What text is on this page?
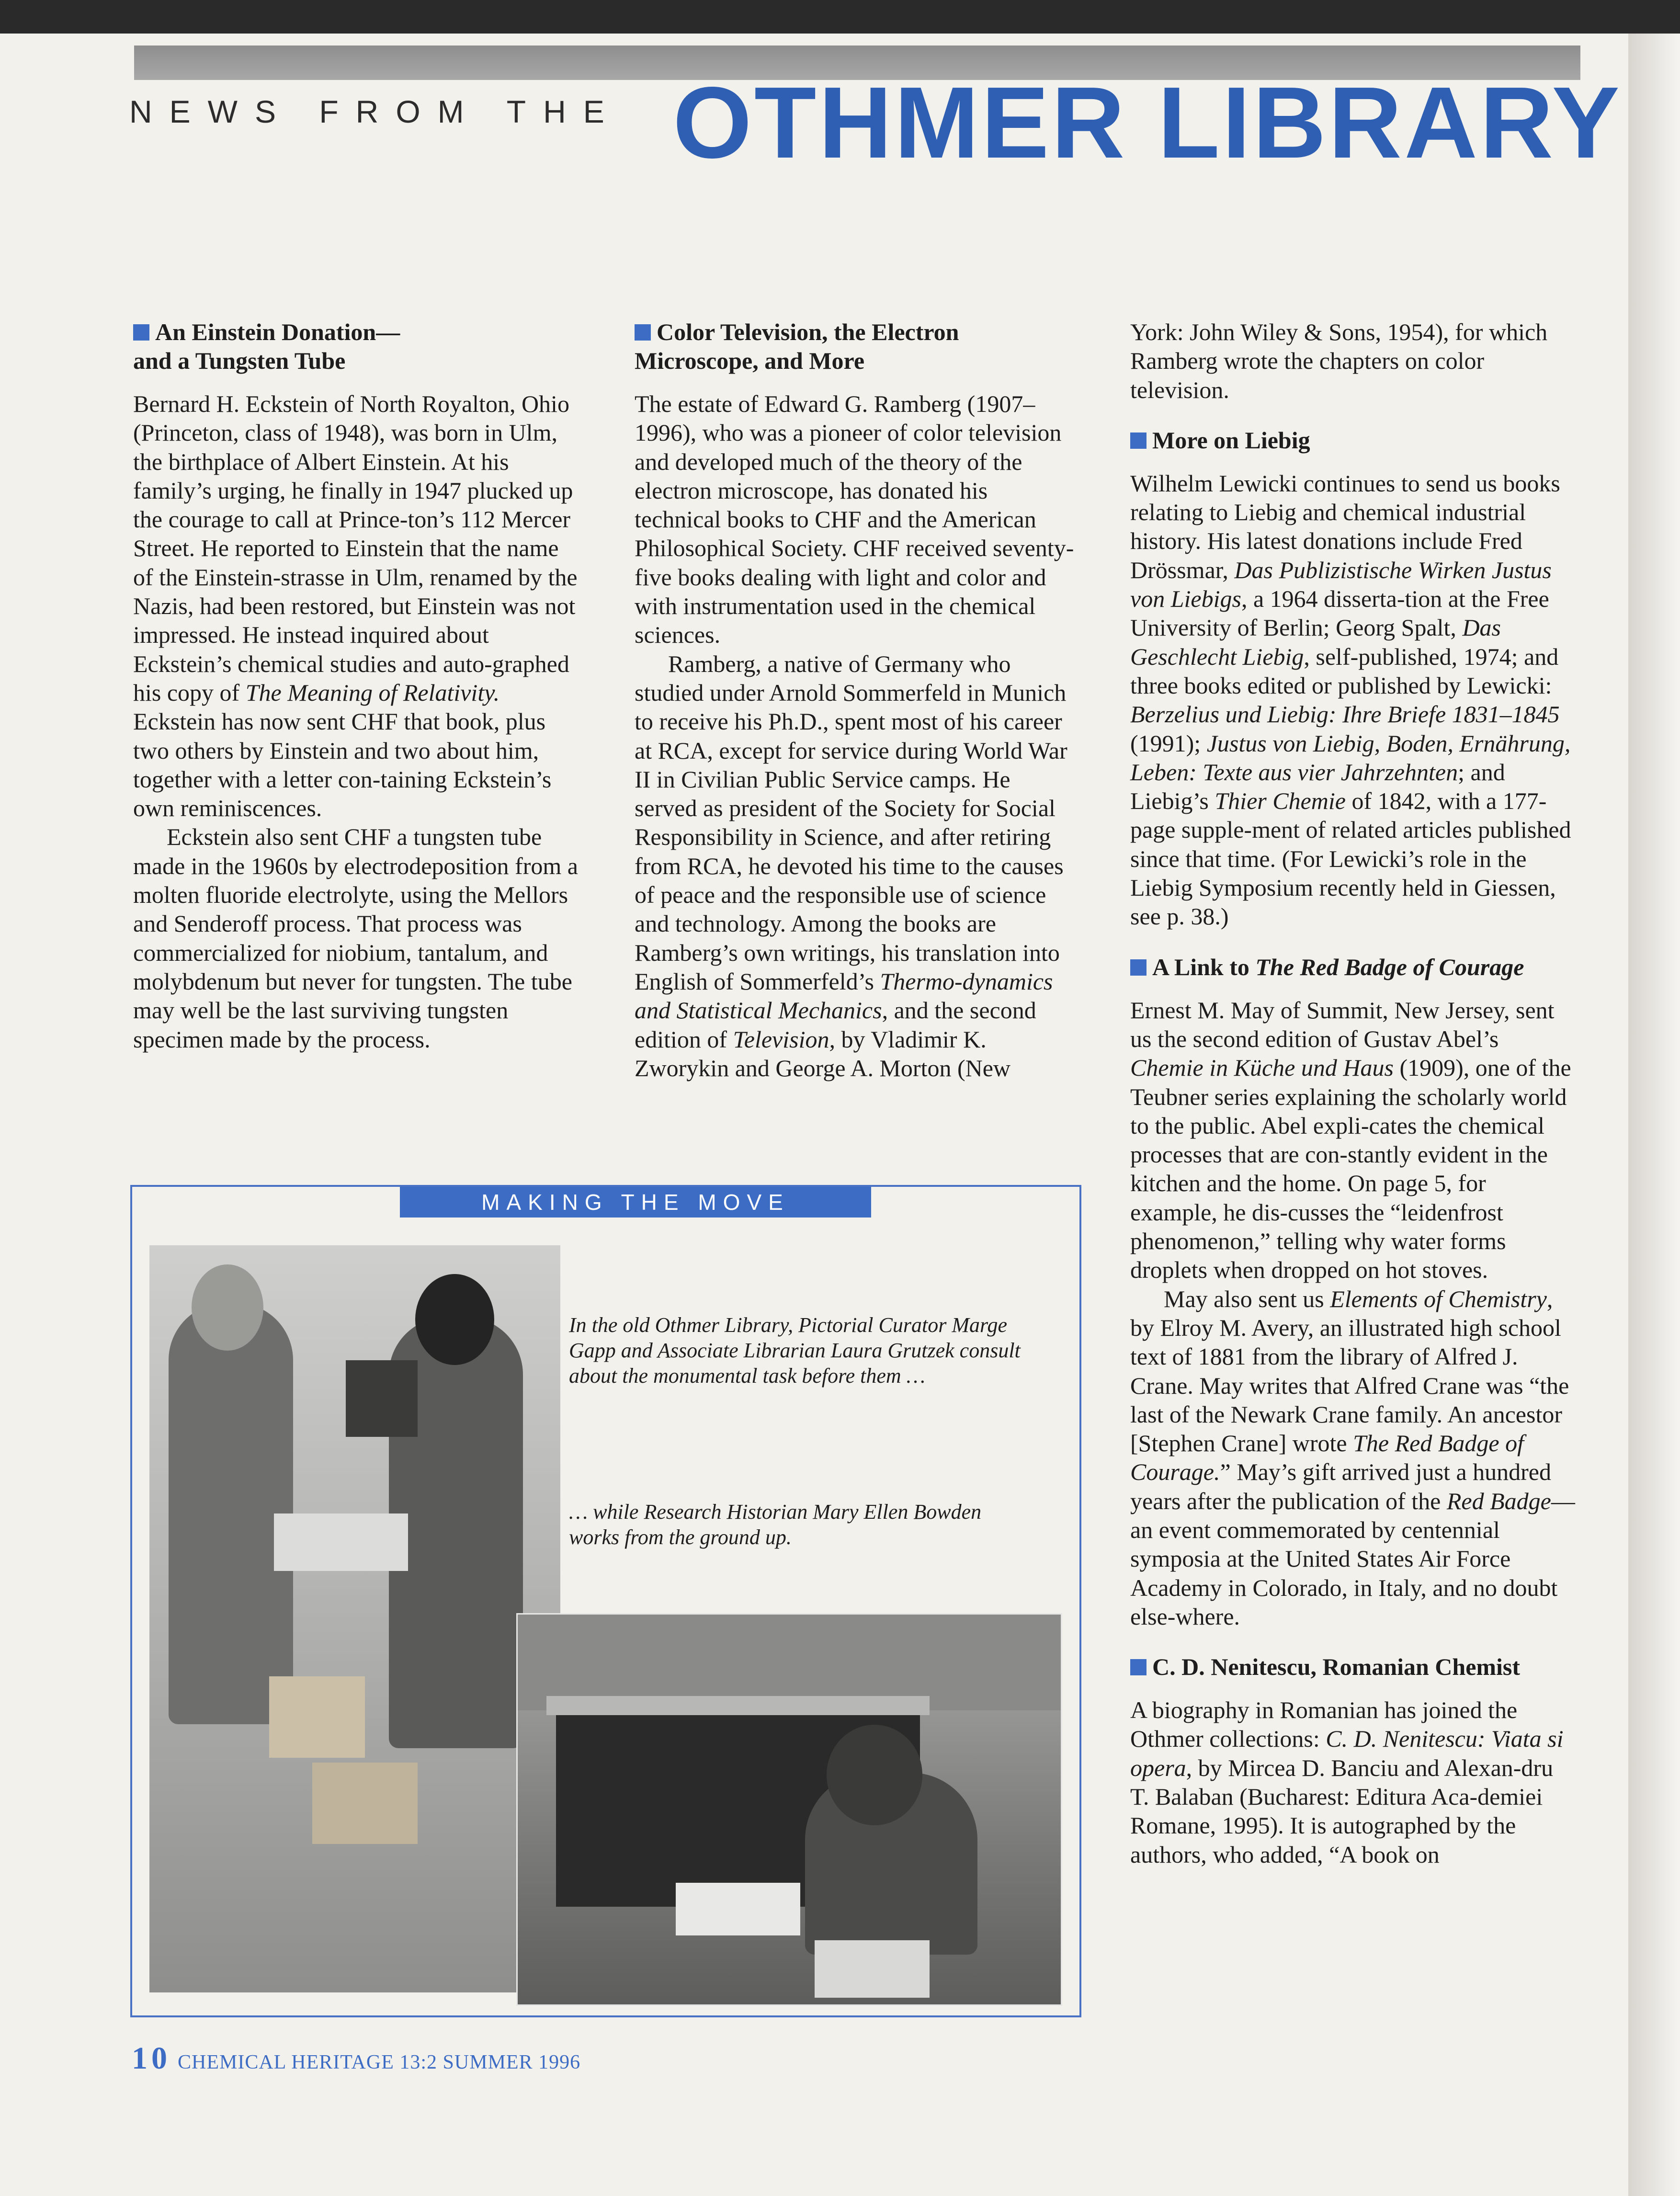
NEWS FROM THE OTHMER LIBRARY
An Einstein Donation—
and a Tungsten Tube

Bernard H. Eckstein of North Royalton, Ohio (Princeton, class of 1948), was born in Ulm, the birthplace of Albert Einstein. At his family’s urging, he finally in 1947 plucked up the courage to call at Prince-ton’s 112 Mercer Street. He reported to Einstein that the name of the Einstein-strasse in Ulm, renamed by the Nazis, had been restored, but Einstein was not impressed. He instead inquired about Eckstein’s chemical studies and auto-graphed his copy of The Meaning of Relativity. Eckstein has now sent CHF that book, plus two others by Einstein and two about him, together with a letter con-taining Eckstein’s own reminiscences.

Eckstein also sent CHF a tungsten tube made in the 1960s by electrodeposition from a molten fluoride electrolyte, using the Mellors and Senderoff process. That process was commercialized for niobium, tantalum, and molybdenum but never for tungsten. The tube may well be the last surviving tungsten specimen made by the process.

Color Television, the Electron
Microscope, and More

The estate of Edward G. Ramberg (1907–1996), who was a pioneer of color television and developed much of the theory of the electron microscope, has donated his technical books to CHF and the American Philosophical Society. CHF received seventy-five books dealing with light and color and with instrumentation used in the chemical sciences.

Ramberg, a native of Germany who studied under Arnold Sommerfeld in Munich to receive his Ph.D., spent most of his career at RCA, except for service during World War II in Civilian Public Service camps. He served as president of the Society for Social Responsibility in Science, and after retiring from RCA, he devoted his time to the causes of peace and the responsible use of science and technology. Among the books are Ramberg’s own writings, his translation into English of Sommerfeld’s Thermo-dynamics and Statistical Mechanics, and the second edition of Television, by Vladimir K. Zworykin and George A. Morton (New

York: John Wiley & Sons, 1954), for which Ramberg wrote the chapters on color television.

More on Liebig

Wilhelm Lewicki continues to send us books relating to Liebig and chemical industrial history. His latest donations include Fred Drössmar, Das Publizistische Wirken Justus von Liebigs, a 1964 disserta-tion at the Free University of Berlin; Georg Spalt, Das Geschlecht Liebig, self-published, 1974; and three books edited or published by Lewicki: Berzelius und Liebig: Ihre Briefe 1831–1845 (1991); Justus von Liebig, Boden, Ernährung, Leben: Texte aus vier Jahrzehnten; and Liebig’s Thier Chemie of 1842, with a 177-page supple-ment of related articles published since that time. (For Lewicki’s role in the Liebig Symposium recently held in Giessen, see p. 38.)

A Link to The Red Badge of Courage

Ernest M. May of Summit, New Jersey, sent us the second edition of Gustav Abel’s Chemie in Küche und Haus (1909), one of the Teubner series explaining the scholarly world to the public. Abel expli-cates the chemical processes that are con-stantly evident in the kitchen and the home. On page 5, for example, he dis-cusses the “leidenfrost phenomenon,” telling why water forms droplets when dropped on hot stoves.

May also sent us Elements of Chemistry, by Elroy M. Avery, an illustrated high school text of 1881 from the library of Alfred J. Crane. May writes that Alfred Crane was “the last of the Newark Crane family. An ancestor [Stephen Crane] wrote The Red Badge of Courage.” May’s gift arrived just a hundred years after the publication of the Red Badge—an event commemorated by centennial symposia at the United States Air Force Academy in Colorado, in Italy, and no doubt else-where.

C. D. Nenitescu, Romanian Chemist

A biography in Romanian has joined the Othmer collections: C. D. Nenitescu: Viata si opera, by Mircea D. Banciu and Alexan-dru T. Balaban (Bucharest: Editura Aca-demiei Romane, 1995). It is autographed by the authors, who added, “A book on

MAKING THE MOVE
In the old Othmer Library, Pictorial Curator Marge Gapp and Associate Librarian Laura Grutzek consult about the monumental task before them …
… while Research Historian Mary Ellen Bowden works from the ground up.
10 CHEMICAL HERITAGE 13:2 SUMMER 1996
